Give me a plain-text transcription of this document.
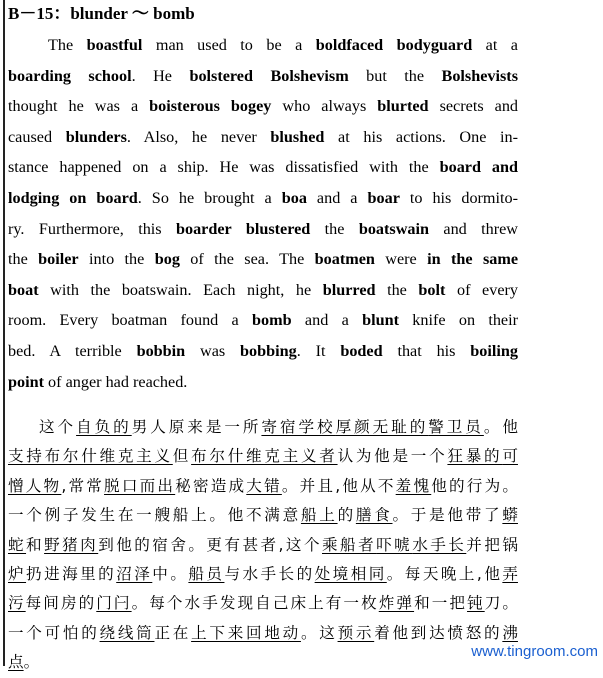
B－15：blunder ～ bomb
The boastful man used to be a boldfaced bodyguard at a
boarding school. He bolstered Bolshevism but the Bolshevists
thought he was a boisterous bogey who always blurted secrets and
caused blunders. Also, he never blushed at his actions. One in-
stance happened on a ship. He was dissatisfied with the board and
lodging on board. So he brought a boa and a boar to his dormito-
ry. Furthermore, this boarder blustered the boatswain and threw
the boiler into the bog of the sea. The boatmen were in the same
boat with the boatswain. Each night, he blurred the bolt of every
room. Every boatman found a bomb and a blunt knife on their
bed. A terrible bobbin was bobbing. It boded that his boiling
point of anger had reached.
这个自负的男人原来是一所寄宿学校厚颜无耻的警卫员。他
支持布尔什维克主义但布尔什维克主义者认为他是一个狂暴的可
憎人物,常常脱口而出秘密造成大错。并且,他从不羞愧他的行为。
一个例子发生在一艘船上。他不满意船上的膳食。于是他带了蟒
蛇和野猪肉到他的宿舍。更有甚者,这个乘船者吓唬水手长并把锅
炉扔进海里的沼泽中。船员与水手长的处境相同。每天晚上,他弄
污每间房的门闩。每个水手发现自己床上有一枚炸弹和一把钝刀。
一个可怕的绕线筒正在上下来回地动。这预示着他到达愤怒的沸
点。
www.tingroom.com
